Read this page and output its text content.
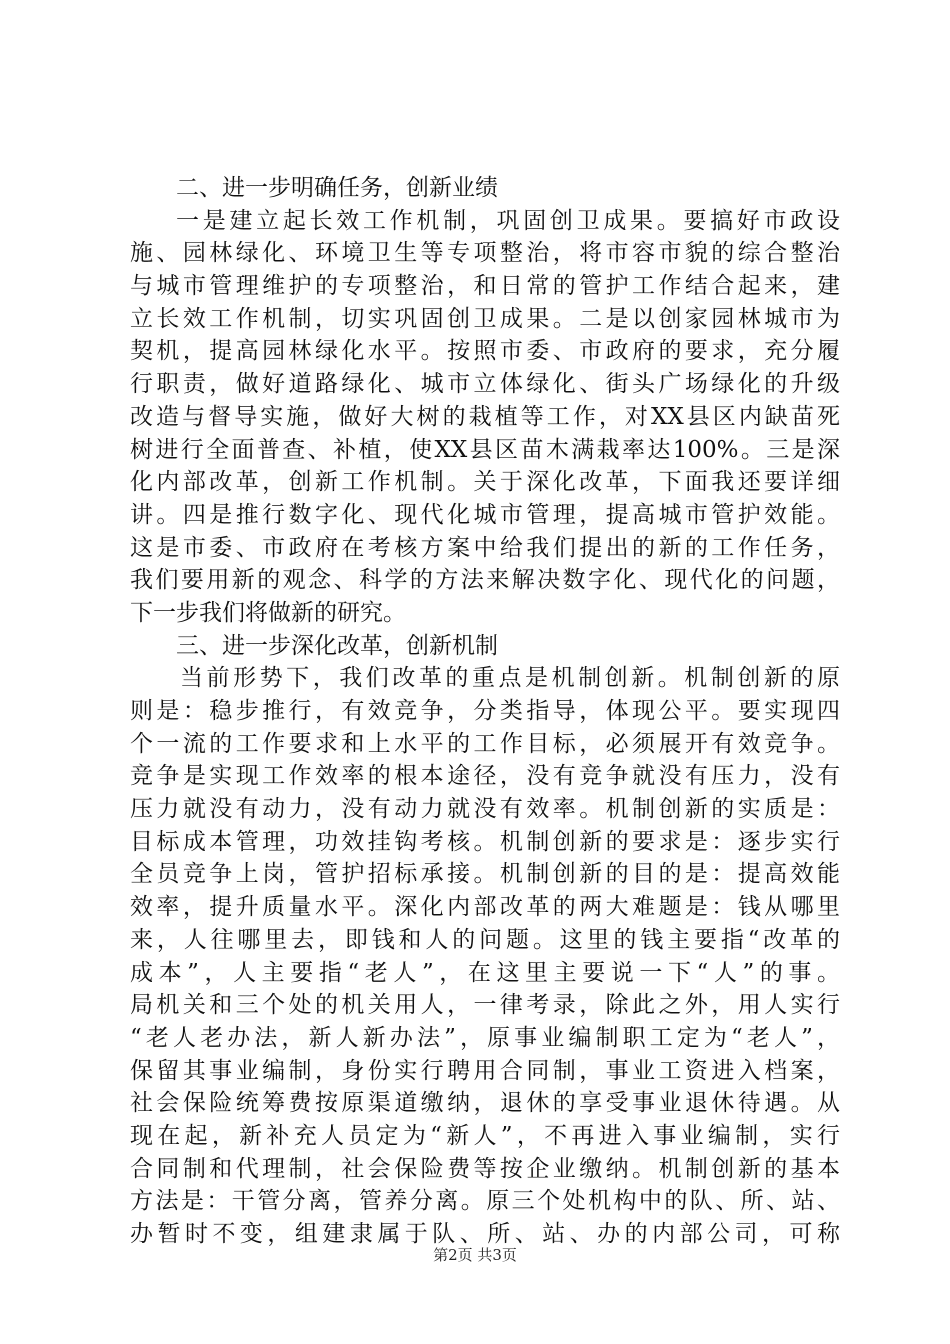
二、进一步明确任务，创新业绩
一是建立起长效工作机制，巩固创卫成果。要搞好市政设
施、园林绿化、环境卫生等专项整治，将市容市貌的综合整治
与城市管理维护的专项整治，和日常的管护工作结合起来，建
立长效工作机制，切实巩固创卫成果。二是以创家园林城市为
契机，提高园林绿化水平。按照市委、市政府的要求，充分履
行职责，做好道路绿化、城市立体绿化、街头广场绿化的升级
改造与督导实施，做好大树的栽植等工作，对XX县区内缺苗死
树进行全面普查、补植，使XX县区苗木满栽率达100%。三是深
化内部改革，创新工作机制。关于深化改革，下面我还要详细
讲。四是推行数字化、现代化城市管理，提高城市管护效能。
这是市委、市政府在考核方案中给我们提出的新的工作任务，
我们要用新的观念、科学的方法来解决数字化、现代化的问题，
下一步我们将做新的研究。
三、进一步深化改革，创新机制
当前形势下，我们改革的重点是机制创新。机制创新的原
则是：稳步推行，有效竞争，分类指导，体现公平。要实现四
个一流的工作要求和上水平的工作目标，必须展开有效竞争。
竞争是实现工作效率的根本途径，没有竞争就没有压力，没有
压力就没有动力，没有动力就没有效率。机制创新的实质是：
目标成本管理，功效挂钩考核。机制创新的要求是：逐步实行
全员竞争上岗，管护招标承接。机制创新的目的是：提高效能
效率，提升质量水平。深化内部改革的两大难题是：钱从哪里
来，人往哪里去，即钱和人的问题。这里的钱主要指“改革的
成本”，人主要指“老人”，在这里主要说一下“人”的事。
局机关和三个处的机关用人，一律考录，除此之外，用人实行
“老人老办法，新人新办法”，原事业编制职工定为“老人”，
保留其事业编制，身份实行聘用合同制，事业工资进入档案，
社会保险统筹费按原渠道缴纳，退休的享受事业退休待遇。从
现在起，新补充人员定为“新人”，不再进入事业编制，实行
合同制和代理制，社会保险费等按企业缴纳。机制创新的基本
方法是：干管分离，管养分离。原三个处机构中的队、所、站、
办暂时不变，组建隶属于队、所、站、办的内部公司，可称
第2页 共3页
